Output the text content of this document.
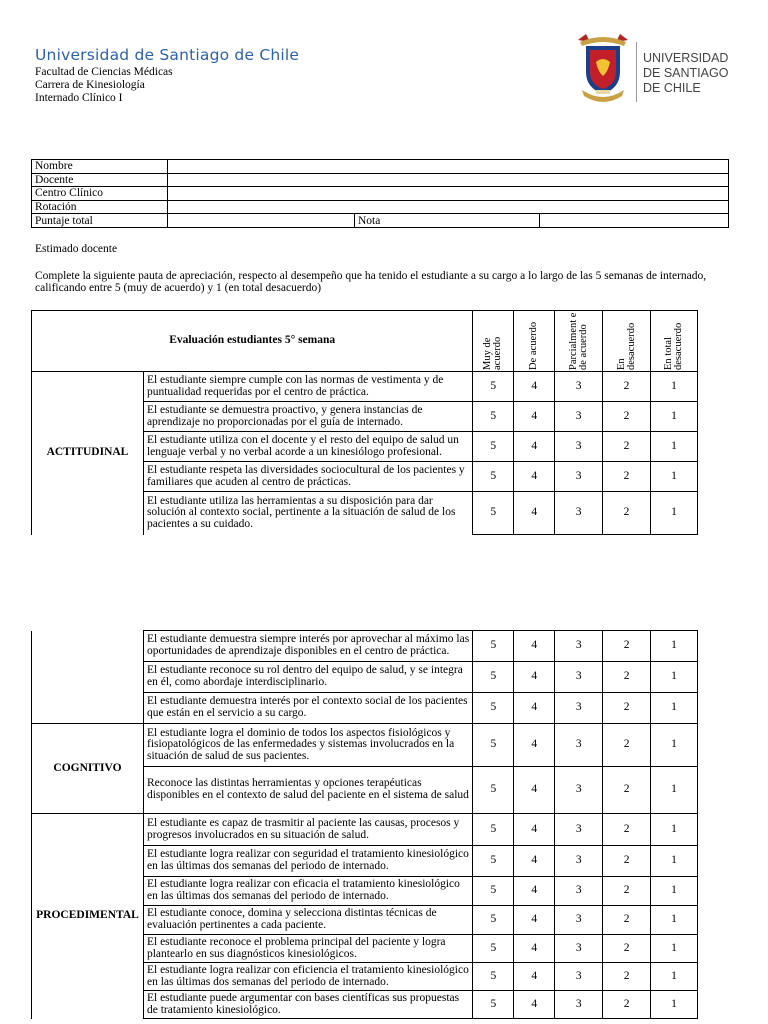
Universidad de Santiago de Chile
Facultad de Ciencias Médicas
Carrera de Kinesiología
Internado Clínico I
UNIVERSIDAD
DE SANTIAGO
DE CHILE
Nombre			
Docente			
Centro Clínico			
Rotación			
Puntaje total		Nota	
Estimado docente
Complete la siguiente pauta de apreciación, respecto al desempeño que ha tenido el estudiante a su cargo a lo largo de las 5 semanas de internado, calificando entre 5 (muy de acuerdo) y 1 (en total desacuerdo)
Evaluación estudiantes 5° semana		Muy de acuerdo	De acuerdo	Parcialment e de acuerdo	En desacuerdo	En total desacuerdo

ACTITUDINAL	El estudiante siempre cumple con las normas de vestimenta y de puntualidad requeridas por el centro de práctica.	5	4	3	2	1
	El estudiante se demuestra proactivo, y genera instancias de aprendizaje no proporcionadas por el guía de internado.	5	4	3	2	1
	El estudiante utiliza con el docente y el resto del equipo de salud un lenguaje verbal y no verbal acorde a un kinesiólogo profesional.	5	4	3	2	1
	El estudiante respeta las diversidades sociocultural de los pacientes y familiares que acuden al centro de prácticas.	5	4	3	2	1
	El estudiante utiliza las herramientas a su disposición para dar solución al contexto social, pertinente a la situación de salud de los pacientes a su cuidado.	5	4	3	2	1
	El estudiante demuestra siempre interés por aprovechar al máximo las oportunidades de aprendizaje disponibles en el centro de práctica.	5	4	3	2	1
	El estudiante reconoce su rol dentro del equipo de salud, y se integra en él, como abordaje interdisciplinario.	5	4	3	2	1
	El estudiante demuestra interés por el contexto social de los pacientes que están en el servicio a su cargo.	5	4	3	2	1
COGNITIVO	El estudiante logra el dominio de todos los aspectos fisiológicos y fisiopatológicos de las enfermedades y sistemas involucrados en la situación de salud de sus pacientes.	5	4	3	2	1
	Reconoce las distintas herramientas y opciones terapéuticas disponibles en el contexto de salud del paciente en el sistema de salud	5	4	3	2	1
PROCEDIMENTAL	El estudiante es capaz de trasmitir al paciente las causas, procesos y progresos involucrados en su situación de salud.	5	4	3	2	1
	El estudiante logra realizar con seguridad el tratamiento kinesiológico en las últimas dos semanas del periodo de internado.	5	4	3	2	1
	El estudiante logra realizar con eficacia el tratamiento kinesiológico en las últimas dos semanas del periodo de internado.	5	4	3	2	1
	El estudiante conoce, domina y selecciona distintas técnicas de evaluación pertinentes a cada paciente.	5	4	3	2	1
	El estudiante reconoce el problema principal del paciente y logra plantearlo en sus diagnósticos kinesiológicos.	5	4	3	2	1
	El estudiante logra realizar con eficiencia el tratamiento kinesiológico en las últimas dos semanas del periodo de internado.	5	4	3	2	1
	El estudiante puede argumentar con bases científicas sus propuestas de tratamiento kinesiológico.	5	4	3	2	1
